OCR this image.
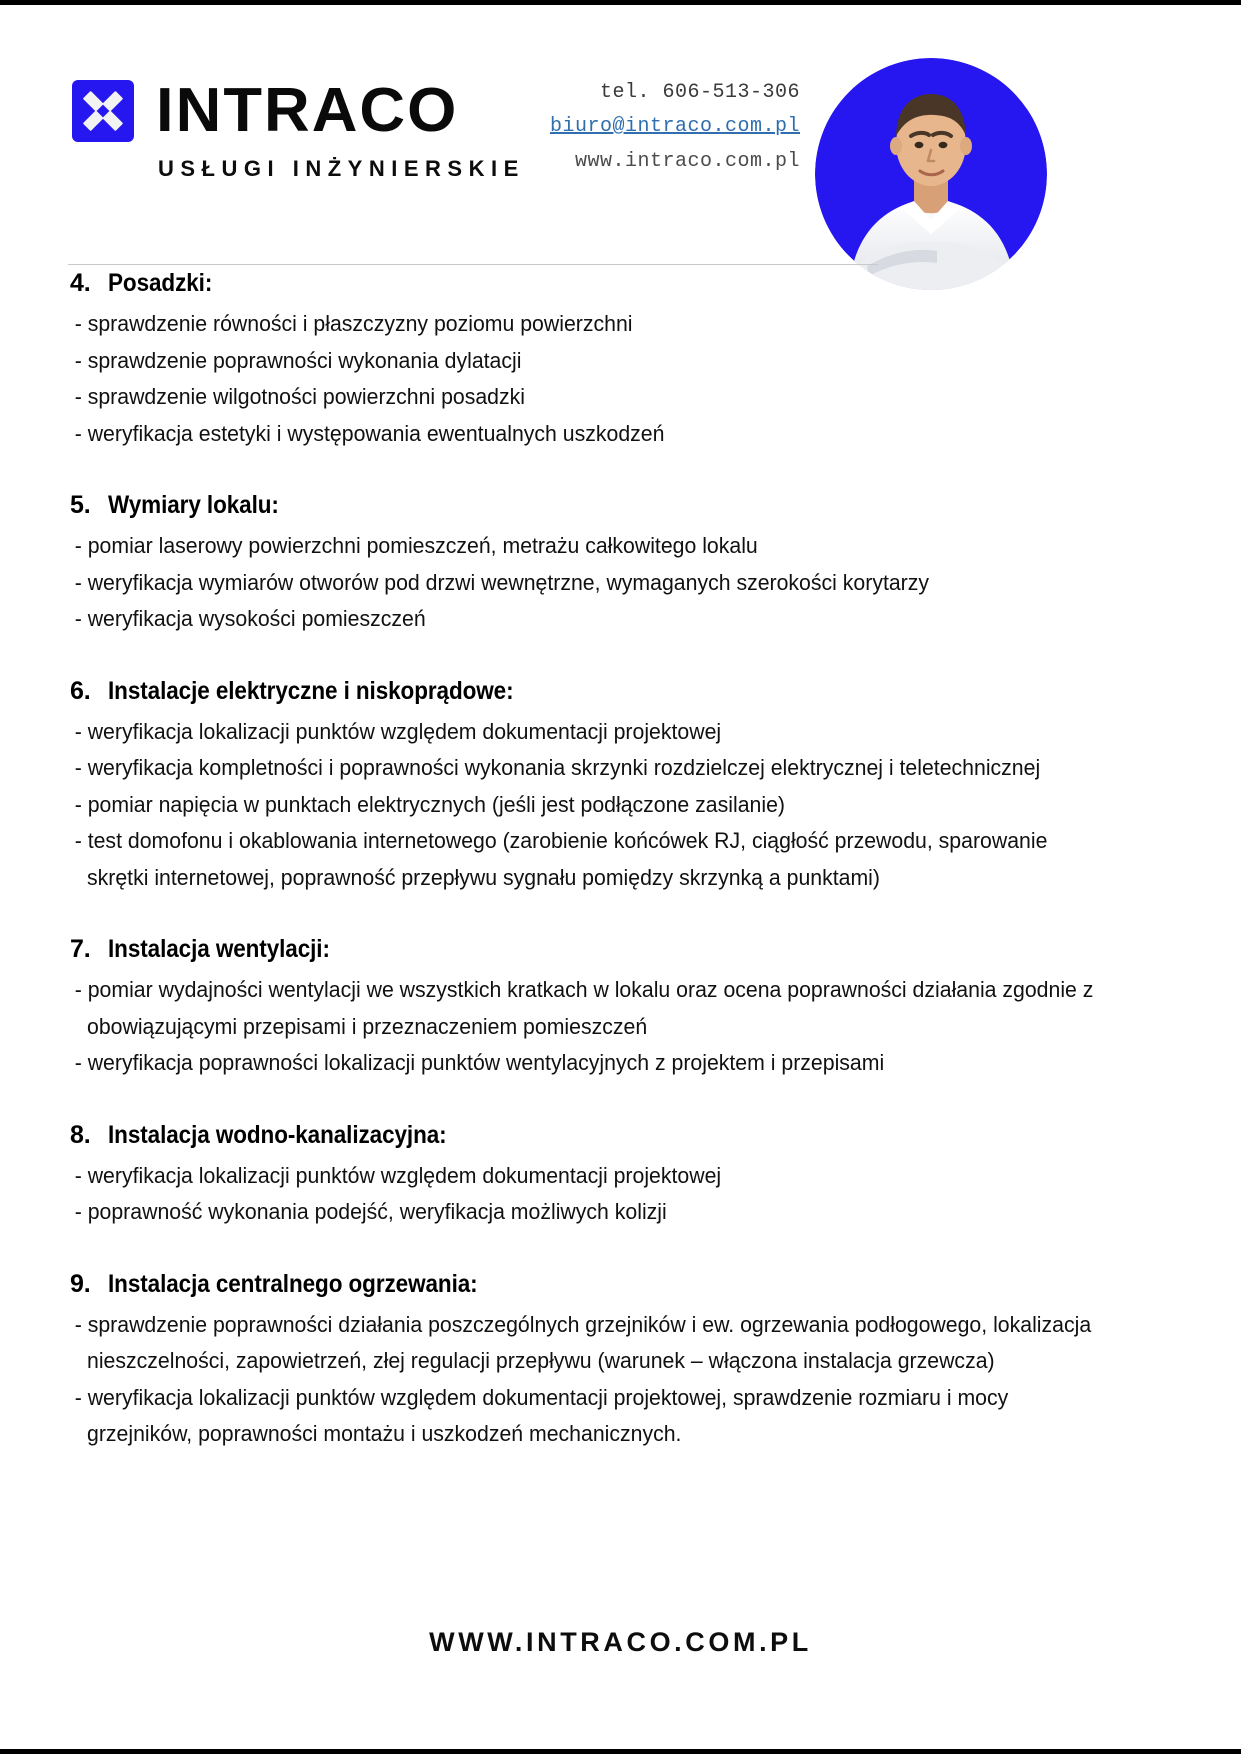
INTRACO
USŁUGI INŻYNIERSKIE
tel. 606-513-306
biuro@intraco.com.pl
www.intraco.com.pl
4. Posadzki:
- sprawdzenie równości i płaszczyzny poziomu powierzchni
- sprawdzenie poprawności wykonania dylatacji
- sprawdzenie wilgotności powierzchni posadzki
- weryfikacja estetyki i występowania ewentualnych uszkodzeń
5. Wymiary lokalu:
- pomiar laserowy powierzchni pomieszczeń, metrażu całkowitego lokalu
- weryfikacja wymiarów otworów pod drzwi wewnętrzne, wymaganych szerokości korytarzy
- weryfikacja wysokości pomieszczeń
6. Instalacje elektryczne i niskoprądowe:
- weryfikacja lokalizacji punktów względem dokumentacji projektowej
- weryfikacja kompletności i poprawności wykonania skrzynki rozdzielczej elektrycznej i teletechnicznej
- pomiar napięcia w punktach elektrycznych (jeśli jest podłączone zasilanie)
- test domofonu i okablowania internetowego (zarobienie końcówek RJ, ciągłość przewodu, sparowanie skrętki internetowej, poprawność przepływu sygnału pomiędzy skrzynką a punktami)
7. Instalacja wentylacji:
- pomiar wydajności wentylacji we wszystkich kratkach w lokalu oraz ocena poprawności działania zgodnie z obowiązującymi przepisami i przeznaczeniem pomieszczeń
- weryfikacja poprawności lokalizacji punktów wentylacyjnych z projektem i przepisami
8. Instalacja wodno-kanalizacyjna:
- weryfikacja lokalizacji punktów względem dokumentacji projektowej
- poprawność wykonania podejść, weryfikacja możliwych kolizji
9. Instalacja centralnego ogrzewania:
- sprawdzenie poprawności działania poszczególnych grzejników i ew. ogrzewania podłogowego, lokalizacja nieszczelności, zapowietrzeń, złej regulacji przepływu (warunek – włączona instalacja grzewcza)
- weryfikacja lokalizacji punktów względem dokumentacji projektowej, sprawdzenie rozmiaru i mocy grzejników, poprawności montażu i uszkodzeń mechanicznych.
WWW.INTRACO.COM.PL
